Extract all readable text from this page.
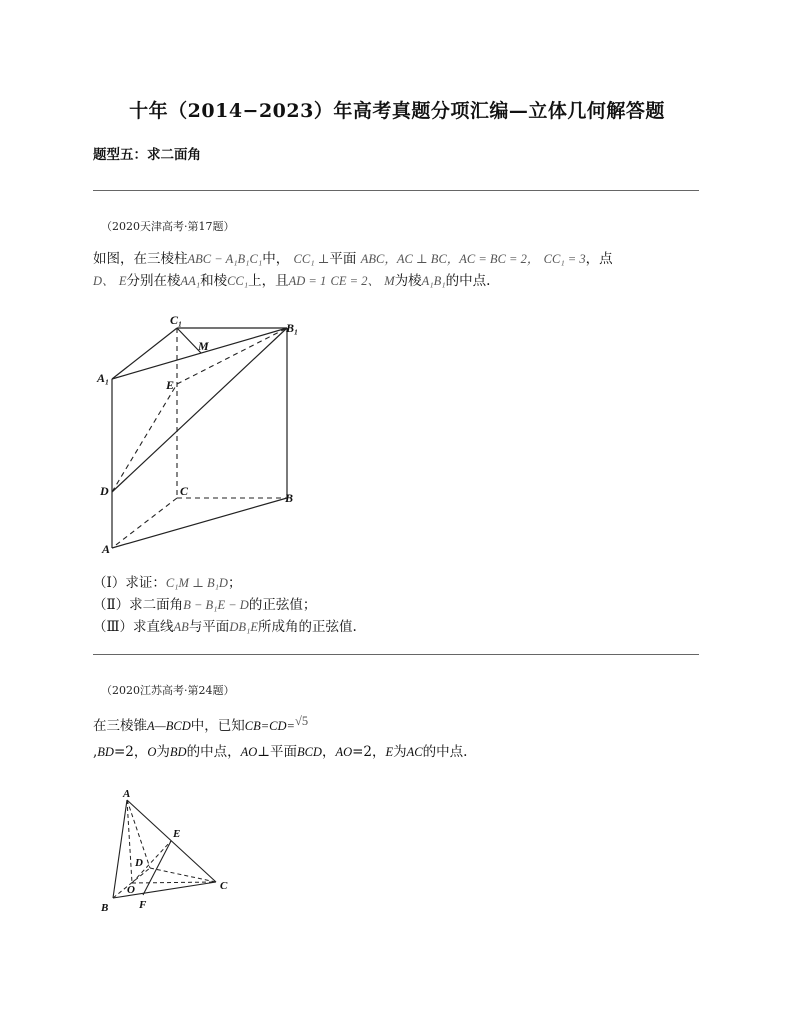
十年（2014−2023）年高考真题分项汇编—立体几何解答题
题型五：求二面角
（2020天津高考·第17题）
如图，在三棱柱ABC − A₁B₁C₁中， CC₁ ⊥平面 ABC，AC ⊥ BC，AC = BC = 2， CC₁ = 3，点
D、 E分别在棱AA₁和棱CC₁上，且AD = 1 CE = 2、 M为棱A₁B₁的中点.
C₁
B₁
M
A₁	E
D	C	B
A
（Ⅰ）求证：C₁M ⊥ B₁D；
（Ⅱ）求二面角B − B₁E − D的正弦值；
（Ⅲ）求直线AB与平面DB₁E所成角的正弦值.
（2020江苏高考·第24题）
在三棱锥A—BCD中，已知CB=CD=√5
,BD=2，O为BD的中点，AO⊥平面BCD，AO=2，E为AC的中点.
A
E
D
C
O
B	F
